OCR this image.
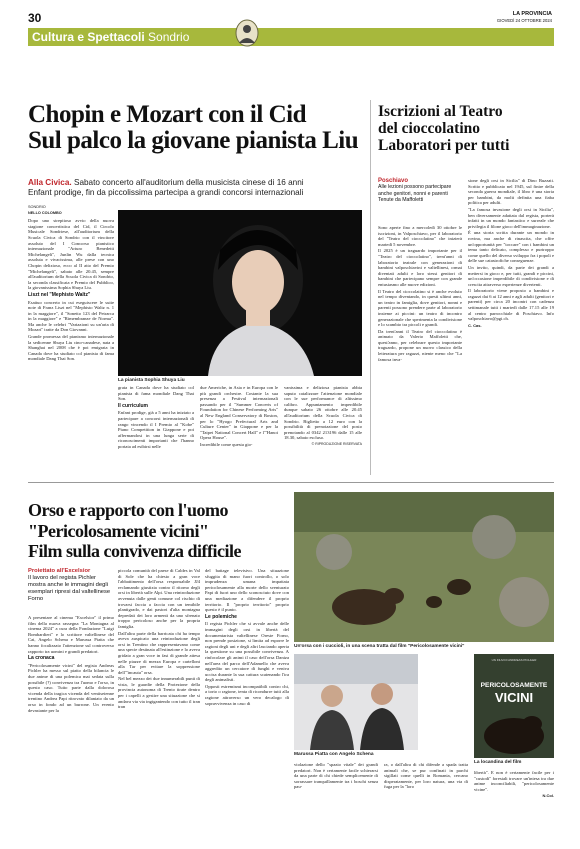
30	LA PROVINCIA
GIOVEDÌ 24 OTTOBRE 2024
Cultura e Spettacoli Sondrio
Chopin e Mozart con il Cid
Sul palco la giovane pianista Liu
Alla Civica. Sabato concerto all'auditorium della musicista cinese di 16 anni
Enfant prodige, fin da piccolissima partecipa a grandi concorsi internazionali
SONDRIO
NELLO COLOMBO

Dopo uno strepitoso avvio della nuova stagione concertistica del Cid, il Circolo Musicale Sondriese, all'auditorium della Scuola Civica di Sondrio con il vincitore assoluto del I Concorso pianistico internazionale "Arturo Benedetti Michelangeli", Junlin Wu dalla tecnica assoluta e vivacissima, alle prese con uno Chopin delizioso, ecco al II atto del Premio "Michelangeli", sabato alle 20.45, sempre all'auditorium della Scuola Civica di Sondrio, la seconda classificata e Premio del Pubblico, la giovanissima Sophia Shuya Liu.

Liszt nel "Mephisto Waltz"

Esattuo concerto in cui eseguiscere le suite note di Franz Liszt nel "Mephisto Waltz n. 1 in la maggiore", il "Sonetto 123 del Petrarca in la maggiore" e "Rimembranze de Norma". Ma anche le celebri "Variazioni su un'aria di Mozart" tratte da Don Giovanni.

Grande promessa del pianismo internazionale la sedicenne Shuya Liu cino-canadese, nata a Shanghai nel 2008 che è poi emigrata in Canada dove ha studiato col pianista di fama mondiale Dang Thai Son.

La pianista Sophia Shuya Liu

grata in Canada dove ha studiato col pianista di fama mondiale Dang Thai Son.

Il curriculum

Enfant prodige, già a 5 anni ha iniziato a partecipare a concorsi internazionali di rango vincendo il I Premio al "Kobe" Piano Competition in Giappone e poi affermandosi in una lunga serie di riconoscimenti importanti che l'hanno portata ad esibirsi nelle

due Americhe, in Asia e in Europa con le più grandi orchestre. Costante la sua presenza a Festival internazionali passando per il "Summer Concerts of Foundation for Chinese Performing Arts" al New England Conservatory di Boston, per lo "Hyogo Prefectural Arts and Culture Center" in Giappone e per la "Taipei National Concert Hall" e l'"Hanoi Opera House".

Incredibile come questa gio-

vanissima e deliziosa pianista abbia saputo catalizzare l'attenzione mondiale con le sue performance di altissimo calibro. Appuntamento imperdibile dunque sabato 26 ottobre alle 20.45 all'auditorium della Scuola Civica di Sondrio. Biglietto a 12 euro con la possibilità di prenotazione del posto prenotando al 0342 213196 dalle 15 alle 18.30, sabato escluso.

© RIPRODUZIONE RISERVATA
Iscrizioni al Teatro
del cioccolatino
Laboratori per tutti
Poschiavo
Alle lezioni possono partecipare anche genitori, nonni e parenti
Tenute da Maffoletti

Sono aperte fino a mercoledì 30 ottobre le iscrizioni, in Valposchiavo, per il laboratorio del "Teatro del cioccolatino" che inizierà martedì 5 novembre.

Il 2025 è un traguardo importante per il "Teatro del cioccolatino", trent'anni di laboratorio teatrale con generazioni di bambini valposchiavini e valtellinesi, ormai diventati adulti e loro stessi genitori di bambini che partecipano sempre con grande entusiasmo alle nuove edizioni.

Il Teatro del cioccolatino si è anche evoluto nel tempo diventando, in questi ultimi anni, un teatro in famiglia, dove genitori, nonni e parenti possono prendere parte al laboratorio insieme ai piccini: un teatro di incontro generazionale che sperimenta la condivisione e lo scambio tra piccoli e grandi.

Da trent'anni il Teatro del cioccolatino è animato da Valerio Maffoletti che, quest'anno, per celebrare questo importante traguardo, propone un nuovo classico della letteratura per ragazzi, niente meno che "La famosa inva-

sione degli orsi in Sicilia" di Dino Buzzati. Scritto e pubblicato nel 1945, sul finire della seconda guerra mondiale, il libro è una storia per bambini, da molti definita una fiaba politica per adulti.

"La famosa invasione degli orsi in Sicilia", ben diversamente adattata dal regista, porterà infatti in un mondo fantastico e surreale che privilegia il filone gioco dell'immaginazione.

È una storia scritta durante un mondo in rovina, ma anche di rinascita, che offre un'opportunità per "toccare" con i bambini un tema tanto delicato, complesso e purtroppo come quello del diverso sviluppo fra i popoli e delle sue catastrofiche conseguenze.

Un invito, quindi, da parte dei grandi a mettersi in gioco e, per tutti, grandi e piccini, un'occasione imperdibile di condivisione e di crescita attraverso esperienze divertenti.

Il laboratorio viene proposto a bambini e ragazzi dai 6 ai 12 anni e agli adulti (genitori e parenti) per circa 20 incontri con cadenza settimanale tutti i martedì dalle 17.15 alle 19 al centro parrocchiale di Poschiavo. Info valposchiavo@pgi.ch.

C. Cas.
Orso e rapporto con l'uomo
"Pericolosamente vicini"
Film sulla convivenza difficile
Proiettato all'Excelsior
Il lavoro del regista Pichler mostra anche le immagini degli esemplari ripresi dal valtellinese Forno

A presentare al cinema "Excelsior" il primo film della nuova rassegna "La Montagna al cinema 2024" a cura della Fondazione "Luigi Bombardieri" e lo scrittore valtellinese del Cai, Angelo Schena e Marussa Piatta che hanno focalizzato l'attenzione sul controverso rapporto tra uomini e grandi predatori.

La cronaca

"Pericolosamente vicini" del regista Andreas Pichler ha messo sul piatto della bilancia le due anime di una polemica mai sedata sulla possibile (?) convivenza tra l'uomo e l'orso, in questo caso. Tutto parte dalla dolorosa vicenda della tragica vicenda del ventiseienne trentino Andrea Papi ritrovato dilaniato da un orso in fondo ad un burrone. Un evento devastante per la

piccola comunità del paese di Caldes in Val di Sole che ha chiesto a gran voce l'abbattimento dell'orsa responsabile JJ4 reclamando giustizia contro il ritorno degli orsi in libertà sulle Alpi. Una reintroduzione avvenuta dalle genti comune col rischio di trovarsi faccia a faccia con un temibile plantigrado, e dai pastori d'alta montagna depredati dei loro armenti da uno sfrenato troppo pericoloso anche per la propria famiglia.

Dall'altra parte della barricata chi ha tempo aveva auspicato una reintroduzione degli orsi in Trentino che rappresentavano come una specie destinata all'estinzione e lo aveva gridato a gran voce in fasi di grande attesa nelle piazze di mezza Europa e cartelloni alla Tar per evitare la soppressione dell'"incauta" orsa.

Nel bel mezzo dei due innumerabili punti di vista, le guardie della Protezione della provincia autonoma di Trento tirate dentro per i capelli a gestire una situazione che si andava via via ingigantendo con tutto il tran tran

del battage televisivo. Una situazione sfuggita di mano fuori controllo, o solo imprudenza umana impattata pericolosamente alla morte dello sventurato Papi di fuori uno dello sconosciuto dove con una mediazione a difendere il proprio territorio. Il "proprio territorio" proprio questo è il punto.

Le polemiche

Il regista Pichler che si avvale anche delle immagini degli orsi in libertà del documentarista valtellinese Oreste Forno, non prende posizione, si limita ad esporre le ragioni degli uni e degli altri lasciando aperta la questione su una possibile convivenza. A rinfocolare gli animi il caso dell'orsa Daniza nell'area del parco dell'Adamello che aveva aggredito un cercatore di funghi e veniva uccisa durante la sua cattura scatenando l'ira degli animalisti.

Opposti estremismi incompatibili contro chi, a torto o ragione, tenta di ricondurre tutti alla ragione attraverso un vero decalogo di sopravvivenza in caso di

Un'orsa con i cuccioli, in una scena tratta dal film "Pericolosamente vicini"
Marussa Piatta con Angelo Schena
UN FILM DI ANDREAS PICHLER
PERICOLOSAMENTE
VICINI
La locandina del film

violazione dello "spazio vitale" dei grandi predatori. Non è certamente facile schierarsi da una parte di chi chiede semplicemente di sorrassare tranquillamente tra i boschi senza pau-

ra, o dall'altra di chi difende a spada tratta animali che, se pur confinati in parchi sigillati come quelli in Romania, cercano disperatamente, per loro natura, una via di fuga per la "loro

libertà". E non è certamente facile per i "custodi" forestali trovare un'intesa tra due anime inconciliabili, "pericolosamente vicine".

N.Col.
